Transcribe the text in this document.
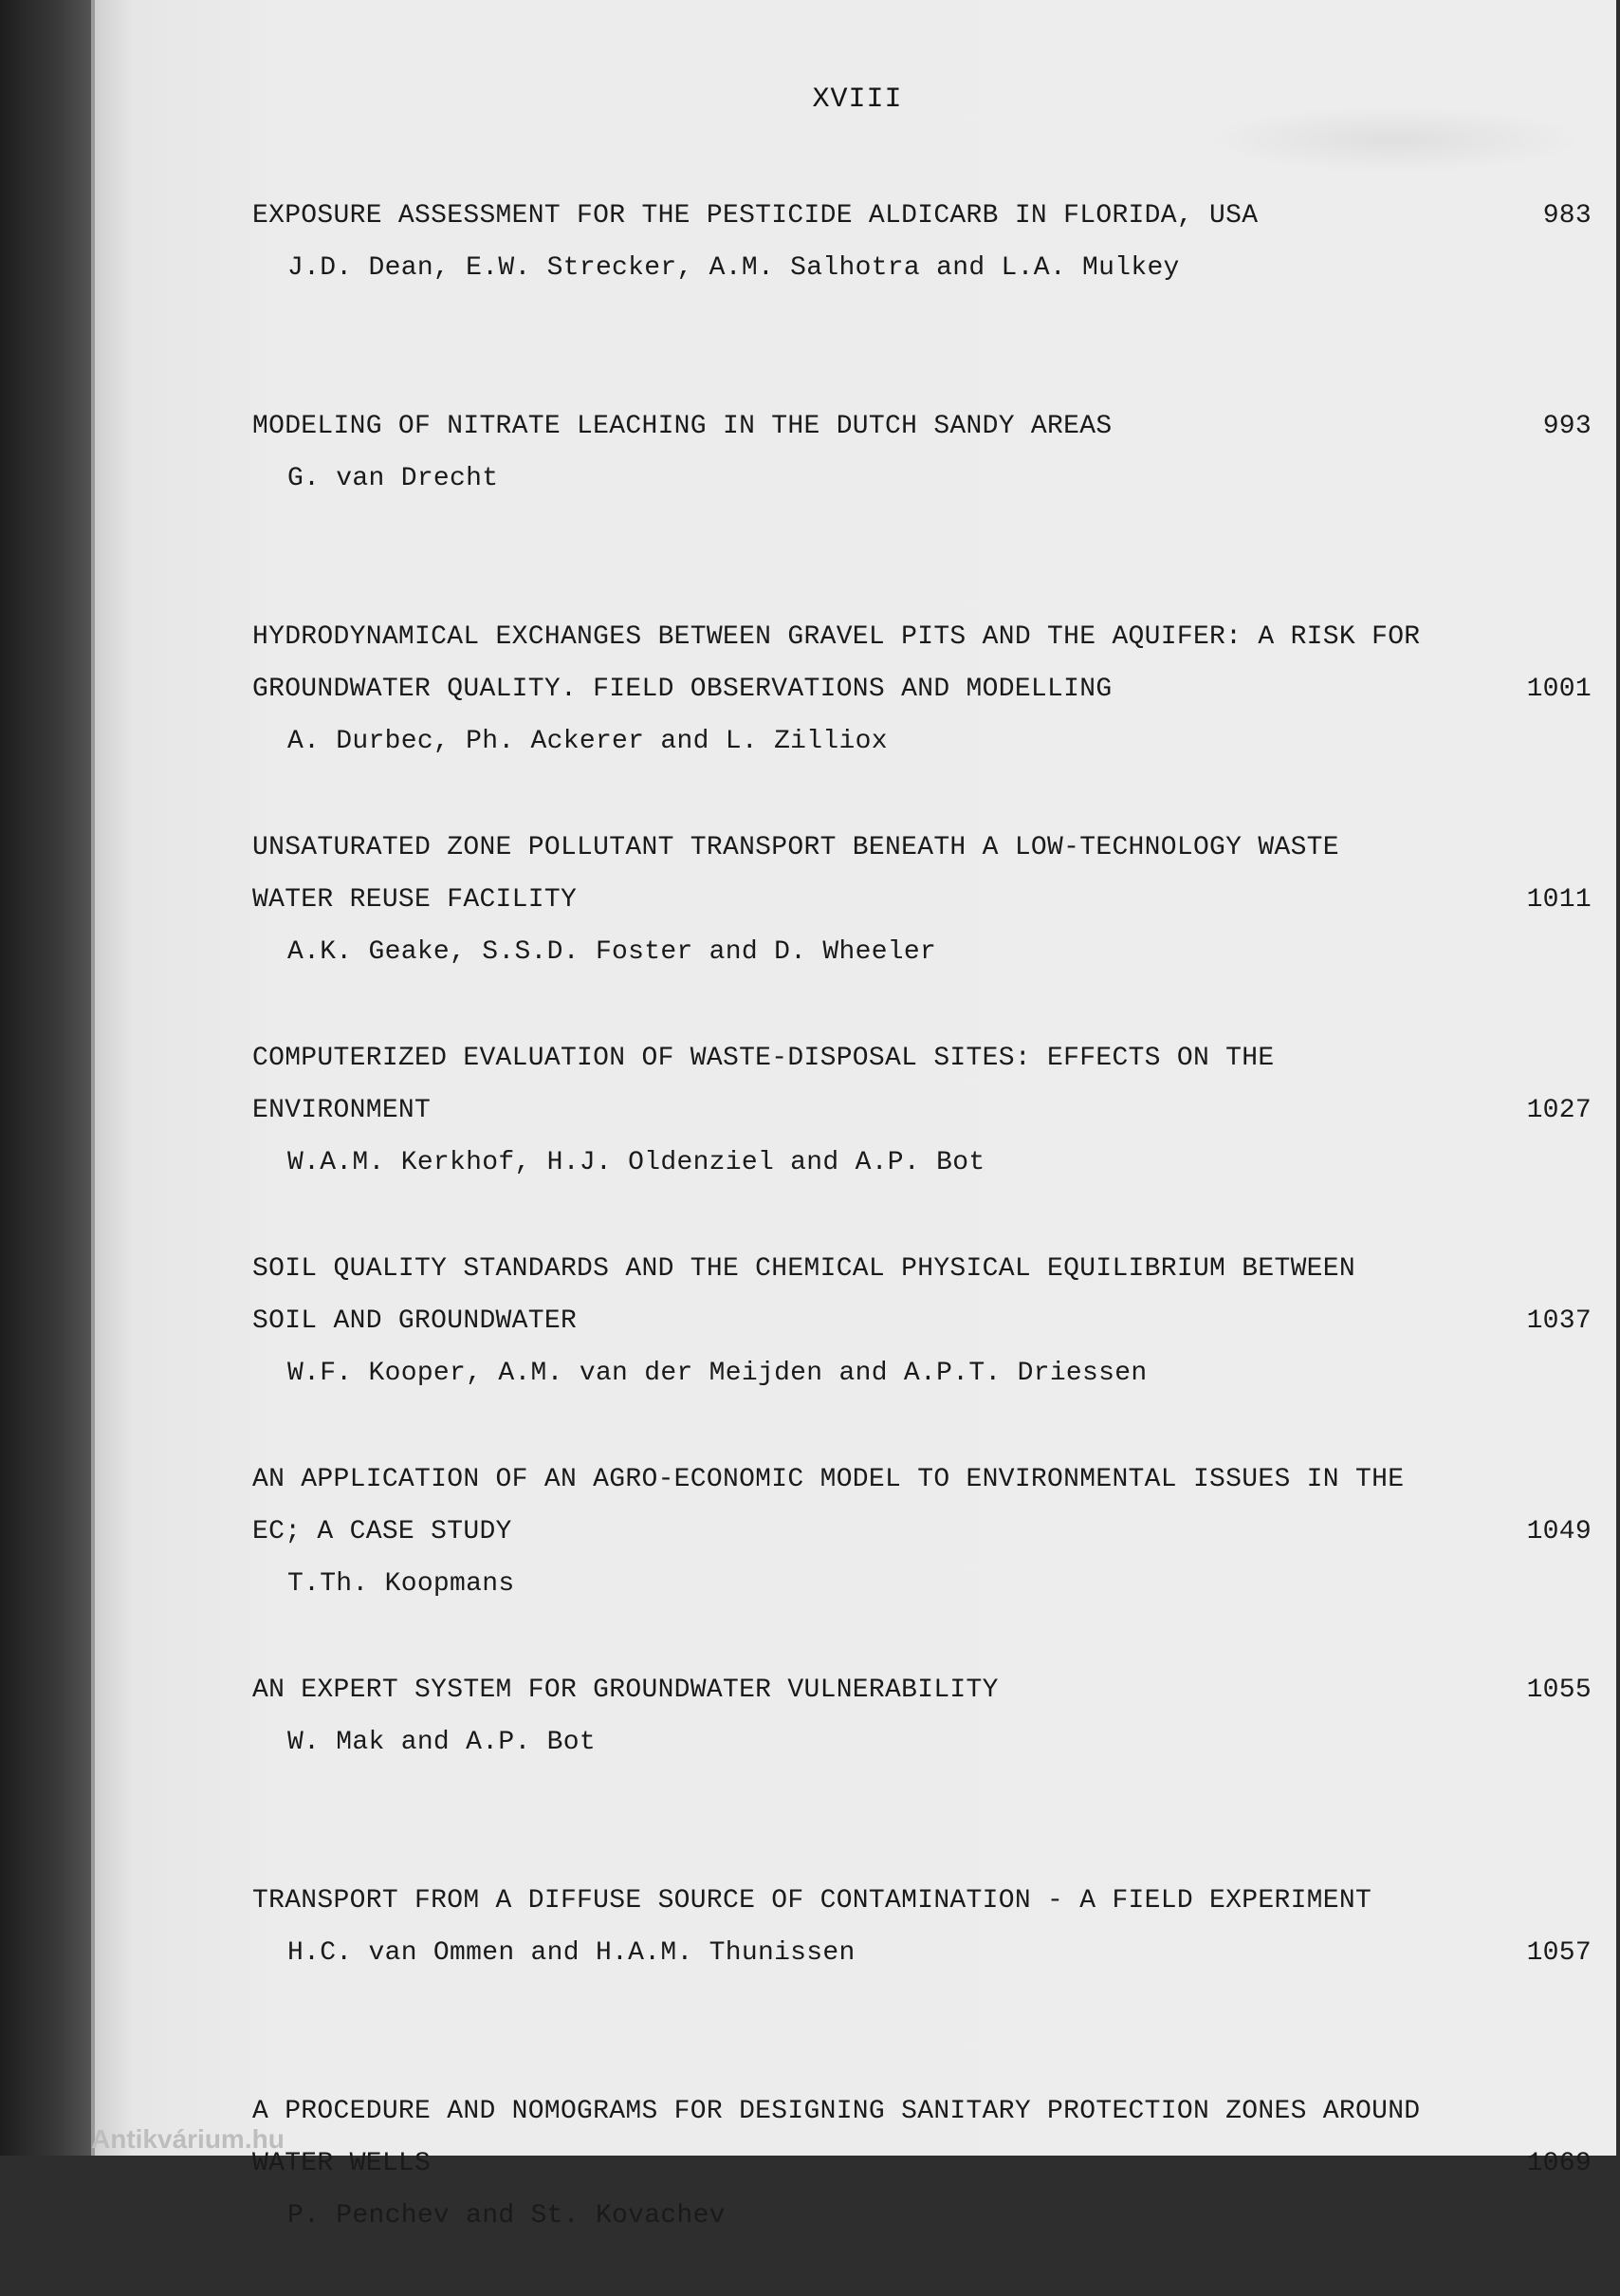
XVIII
EXPOSURE ASSESSMENT FOR THE PESTICIDE ALDICARB IN FLORIDA, USA	983
J.D. Dean, E.W. Strecker, A.M. Salhotra and L.A. Mulkey
MODELING OF NITRATE LEACHING IN THE DUTCH SANDY AREAS	993
G. van Drecht
HYDRODYNAMICAL EXCHANGES BETWEEN GRAVEL PITS AND THE AQUIFER: A RISK FOR
GROUNDWATER QUALITY. FIELD OBSERVATIONS AND MODELLING	1001
A. Durbec, Ph. Ackerer and L. Zilliox
UNSATURATED ZONE POLLUTANT TRANSPORT BENEATH A LOW-TECHNOLOGY WASTE
WATER REUSE FACILITY	1011
A.K. Geake, S.S.D. Foster and D. Wheeler
COMPUTERIZED EVALUATION OF WASTE-DISPOSAL SITES: EFFECTS ON THE
ENVIRONMENT	1027
W.A.M. Kerkhof, H.J. Oldenziel and A.P. Bot
SOIL QUALITY STANDARDS AND THE CHEMICAL PHYSICAL EQUILIBRIUM BETWEEN
SOIL AND GROUNDWATER	1037
W.F. Kooper, A.M. van der Meijden and A.P.T. Driessen
AN APPLICATION OF AN AGRO-ECONOMIC MODEL TO ENVIRONMENTAL ISSUES IN THE
EC; A CASE STUDY	1049
T.Th. Koopmans
AN EXPERT SYSTEM FOR GROUNDWATER VULNERABILITY	1055
W. Mak and A.P. Bot
TRANSPORT FROM A DIFFUSE SOURCE OF CONTAMINATION - A FIELD EXPERIMENT
H.C. van Ommen and H.A.M. Thunissen	1057
A PROCEDURE AND NOMOGRAMS FOR DESIGNING SANITARY PROTECTION ZONES AROUND
WATER WELLS	1069
P. Penchev and St. Kovachev
Antikvárium.hu
